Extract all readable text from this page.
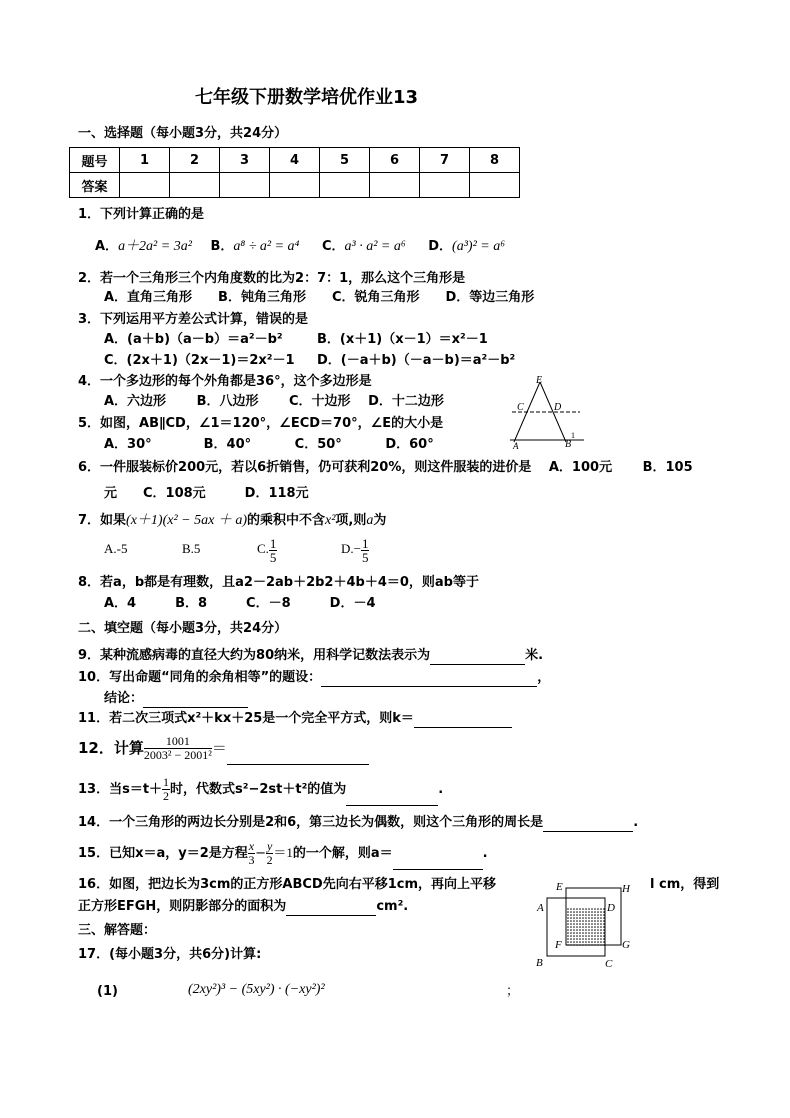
七年级下册数学培优作业13
一、选择题（每小题3分，共24分）
题号	1	2	3	4	5	6	7	8
答案								
1．下列计算正确的是
A．a＋2a² = 3a² B．a⁸ ÷ a² = a⁴ C．a³ · a² = a⁶ D．(a³)² = a⁶
2．若一个三角形三个内角度数的比为2：7：1，那么这个三角形是
A．直角三角形　　B．钝角三角形　　C．锐角三角形　　D．等边三角形
3．下列运用平方差公式计算，错误的是
A．(a＋b)（a－b）＝a²－b²	B．(x＋1)（x－1）＝x²－1
C．(2x＋1)（2x－1)＝2x²－1 D．(－a＋b)（－a－b)＝a²－b²
4．一个多边形的每个外角都是36°，这个多边形是
A．六边形　　 B．八边形　　 C．十边形　 D．十二边形
5．如图，AB∥CD，∠1＝120°，∠ECD＝70°，∠E的大小是
A．30°　　　　B．40°　　　 C．50°　　　 D．60°
E
C	D
A	B
1
6．一件服装标价200元，若以6折销售，仍可获利20%，则这件服装的进价是　 A．100元　　 B．105
元　　C．108元　　　D．118元
7．如果(x＋1)(x² − 5ax ＋ a)的乘积中不含x²项,则a为
A.-5	B.5	C. $\frac{1}{5}$	$D.- \frac{1}{5}$
8．若a，b都是有理数，且a2－2ab＋2b2＋4b＋4＝0，则ab等于
A．4　　　B．8　　　C．－8　　　D．－4
二、填空题（每小题3分，共24分）
9．某种流感病毒的直径大约为80纳米，用科学记数法表示为	米.
10．写出命题“同角的余角相等”的题设：	，
结论：
11．若二次三项式x²＋kx＋25是一个完全平方式，则k＝
12．计算 $\frac{1001}{\text{2003² − 2001²}}$ ＝
13．当$s=t+ \frac{1}{2}$ 时，代数式s²−2st＋t²的值为	.
14．一个三角形的两边长分别是2和6，第三边长为偶数，则这个三角形的周长是	.
15．已知x＝a，y＝2是方程 $\frac{x}{3} - \frac{y}{2} =1$的一个解，则a＝	.
16．如图，把边长为3cm的正方形ABCD先向右平移1cm，再向上平移	l cm，得到
正方形EFGH，则阴影部分的面积为	cm².
E	H
A	D
F	G
B	C
三、解答题：
17．(每小题3分，共6分)计算:
(1)	(2xy²)³ − (5xy²) · (−xy²)²	；
